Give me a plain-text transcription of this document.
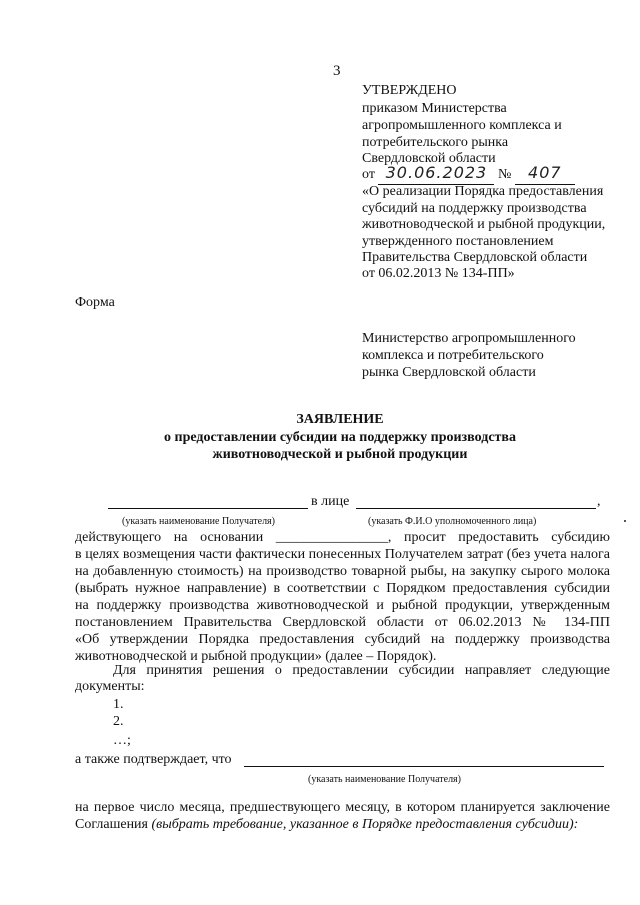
3
УТВЕРЖДЕНО
приказом Министерства
агропромышленного комплекса и
потребительского рынка
Свердловской области
от 30.06.2023 № 407
«О реализации Порядка предоставления
субсидий на поддержку производства
животноводческой и рыбной продукции,
утвержденного постановлением
Правительства Свердловской области
от 06.02.2013 № 134-ПП»
Форма
Министерство агропромышленного
комплекса и потребительского
рынка Свердловской области
ЗАЯВЛЕНИЕ
о предоставлении субсидии на поддержку производства
животноводческой и рыбной продукции
в лице	,
(указать наименование Получателя)	(указать Ф.И.О уполномоченного лица)
действующего на основании ________________, просит предоставить субсидию
в целях возмещения части фактически понесенных Получателем затрат (без учета налога
на добавленную стоимость) на производство товарной рыбы, на закупку сырого молока
(выбрать нужное направление) в соответствии с Порядком предоставления субсидии
на поддержку производства животноводческой и рыбной продукции, утвержденным
постановлением Правительства Свердловской области от 06.02.2013 № 134-ПП
«Об утверждении Порядка предоставления субсидий на поддержку производства
животноводческой и рыбной продукции» (далее – Порядок).
Для принятия решения о предоставлении субсидии направляет следующие
документы:
1.
2.
…;
а также подтверждает, что
(указать наименование Получателя)
на первое число месяца, предшествующего месяцу, в котором планируется заключение
Соглашения (выбрать требование, указанное в Порядке предоставления субсидии):
